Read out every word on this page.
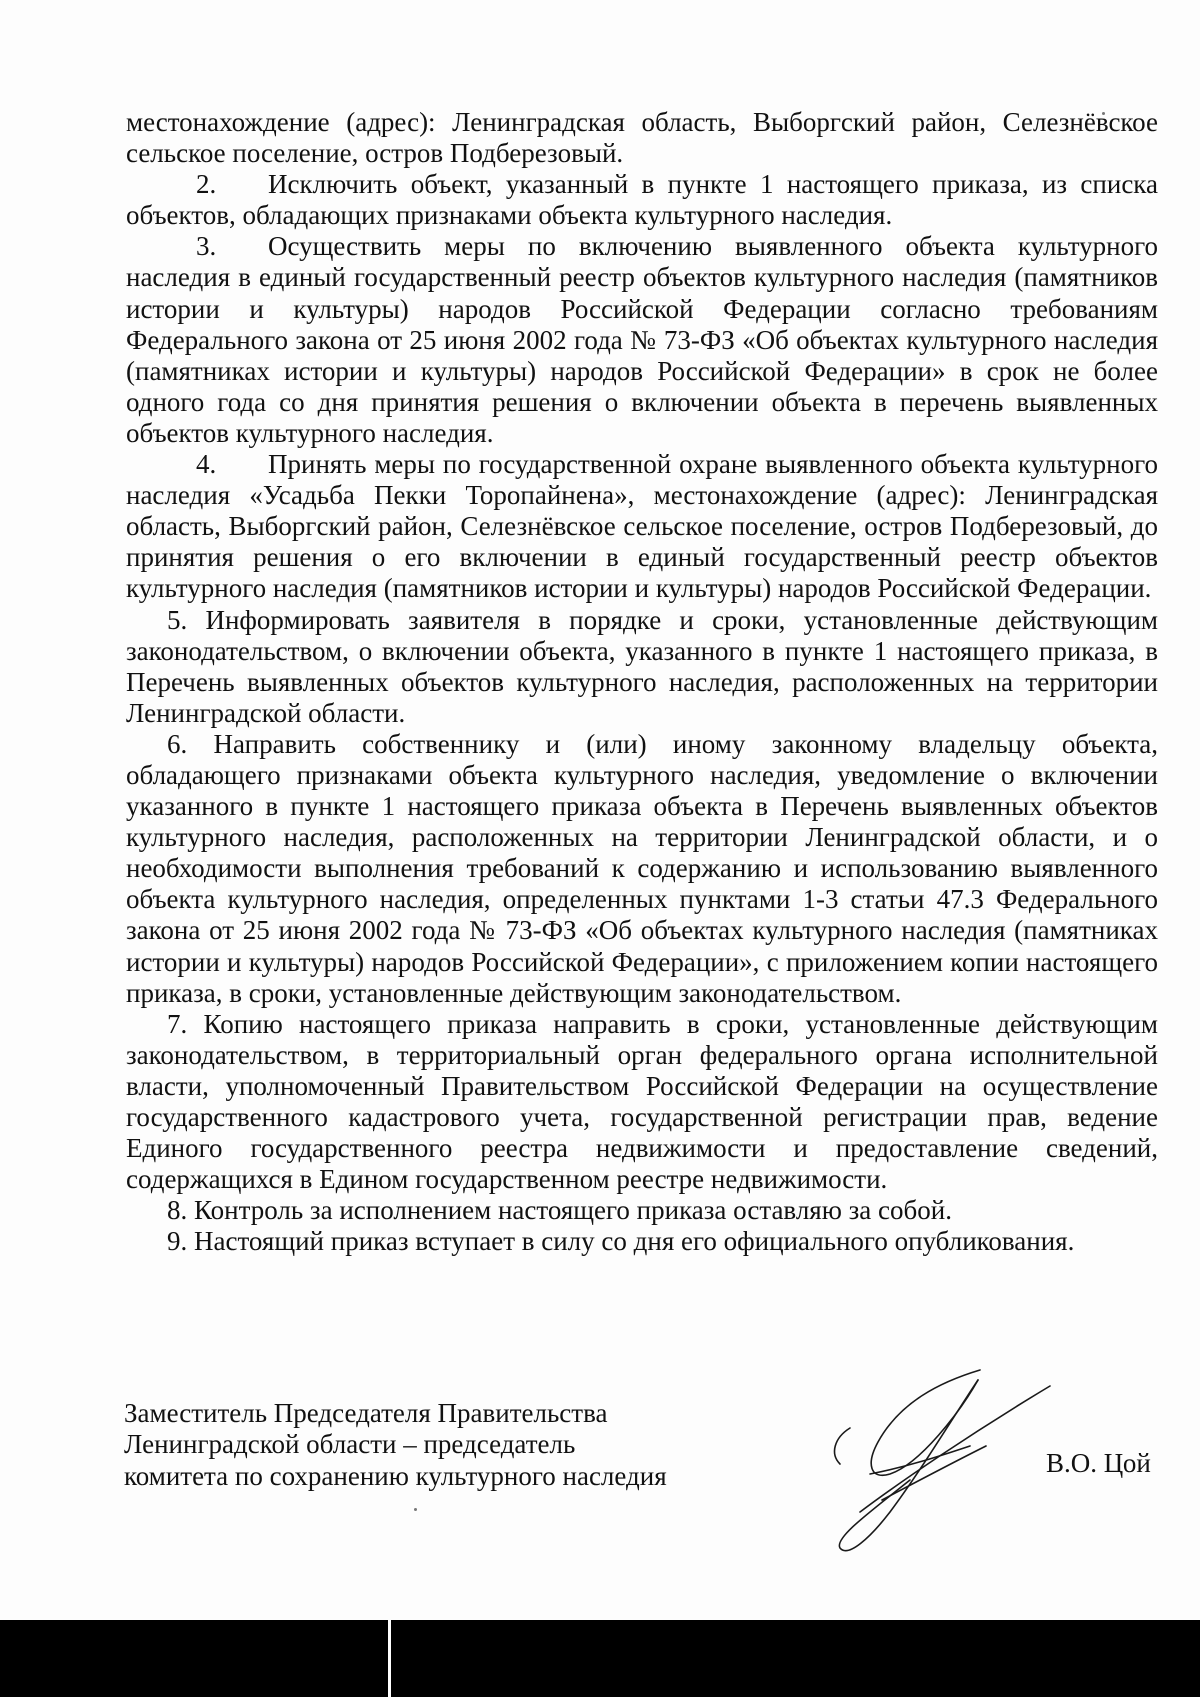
местонахождение (адрес): Ленинградская область, Выборгский район, Селезнёвское сельское поселение, остров Подберезовый.

2. Исключить объект, указанный в пункте 1 настоящего приказа, из списка объектов, обладающих признаками объекта культурного наследия.

3. Осуществить меры по включению выявленного объекта культурного наследия в единый государственный реестр объектов культурного наследия (памятников истории и культуры) народов Российской Федерации согласно требованиям Федерального закона от 25 июня 2002 года № 73-ФЗ «Об объектах культурного наследия (памятниках истории и культуры) народов Российской Федерации» в срок не более одного года со дня принятия решения о включении объекта в перечень выявленных объектов культурного наследия.

4. Принять меры по государственной охране выявленного объекта культурного наследия «Усадьба Пекки Торопайнена», местонахождение (адрес): Ленинградская область, Выборгский район, Селезнёвское сельское поселение, остров Подберезовый, до принятия решения о его включении в единый государственный реестр объектов культурного наследия (памятников истории и культуры) народов Российской Федерации.

5. Информировать заявителя в порядке и сроки, установленные действующим законодательством, о включении объекта, указанного в пункте 1 настоящего приказа, в Перечень выявленных объектов культурного наследия, расположенных на территории Ленинградской области.

6. Направить собственнику и (или) иному законному владельцу объекта, обладающего признаками объекта культурного наследия, уведомление о включении указанного в пункте 1 настоящего приказа объекта в Перечень выявленных объектов культурного наследия, расположенных на территории Ленинградской области, и о необходимости выполнения требований к содержанию и использованию выявленного объекта культурного наследия, определенных пунктами 1-3 статьи 47.3 Федерального закона от 25 июня 2002 года № 73-ФЗ «Об объектах культурного наследия (памятниках истории и культуры) народов Российской Федерации», с приложением копии настоящего приказа, в сроки, установленные действующим законодательством.

7. Копию настоящего приказа направить в сроки, установленные действующим законодательством, в территориальный орган федерального органа исполнительной власти, уполномоченный Правительством Российской Федерации на осуществление государственного кадастрового учета, государственной регистрации прав, ведение Единого государственного реестра недвижимости и предоставление сведений, содержащихся в Едином государственном реестре недвижимости.

8. Контроль за исполнением настоящего приказа оставляю за собой.

9. Настоящий приказ вступает в силу со дня его официального опубликования.

Заместитель Председателя Правительства
Ленинградской области – председатель
комитета по сохранению культурного наследия	В.О. Цой
